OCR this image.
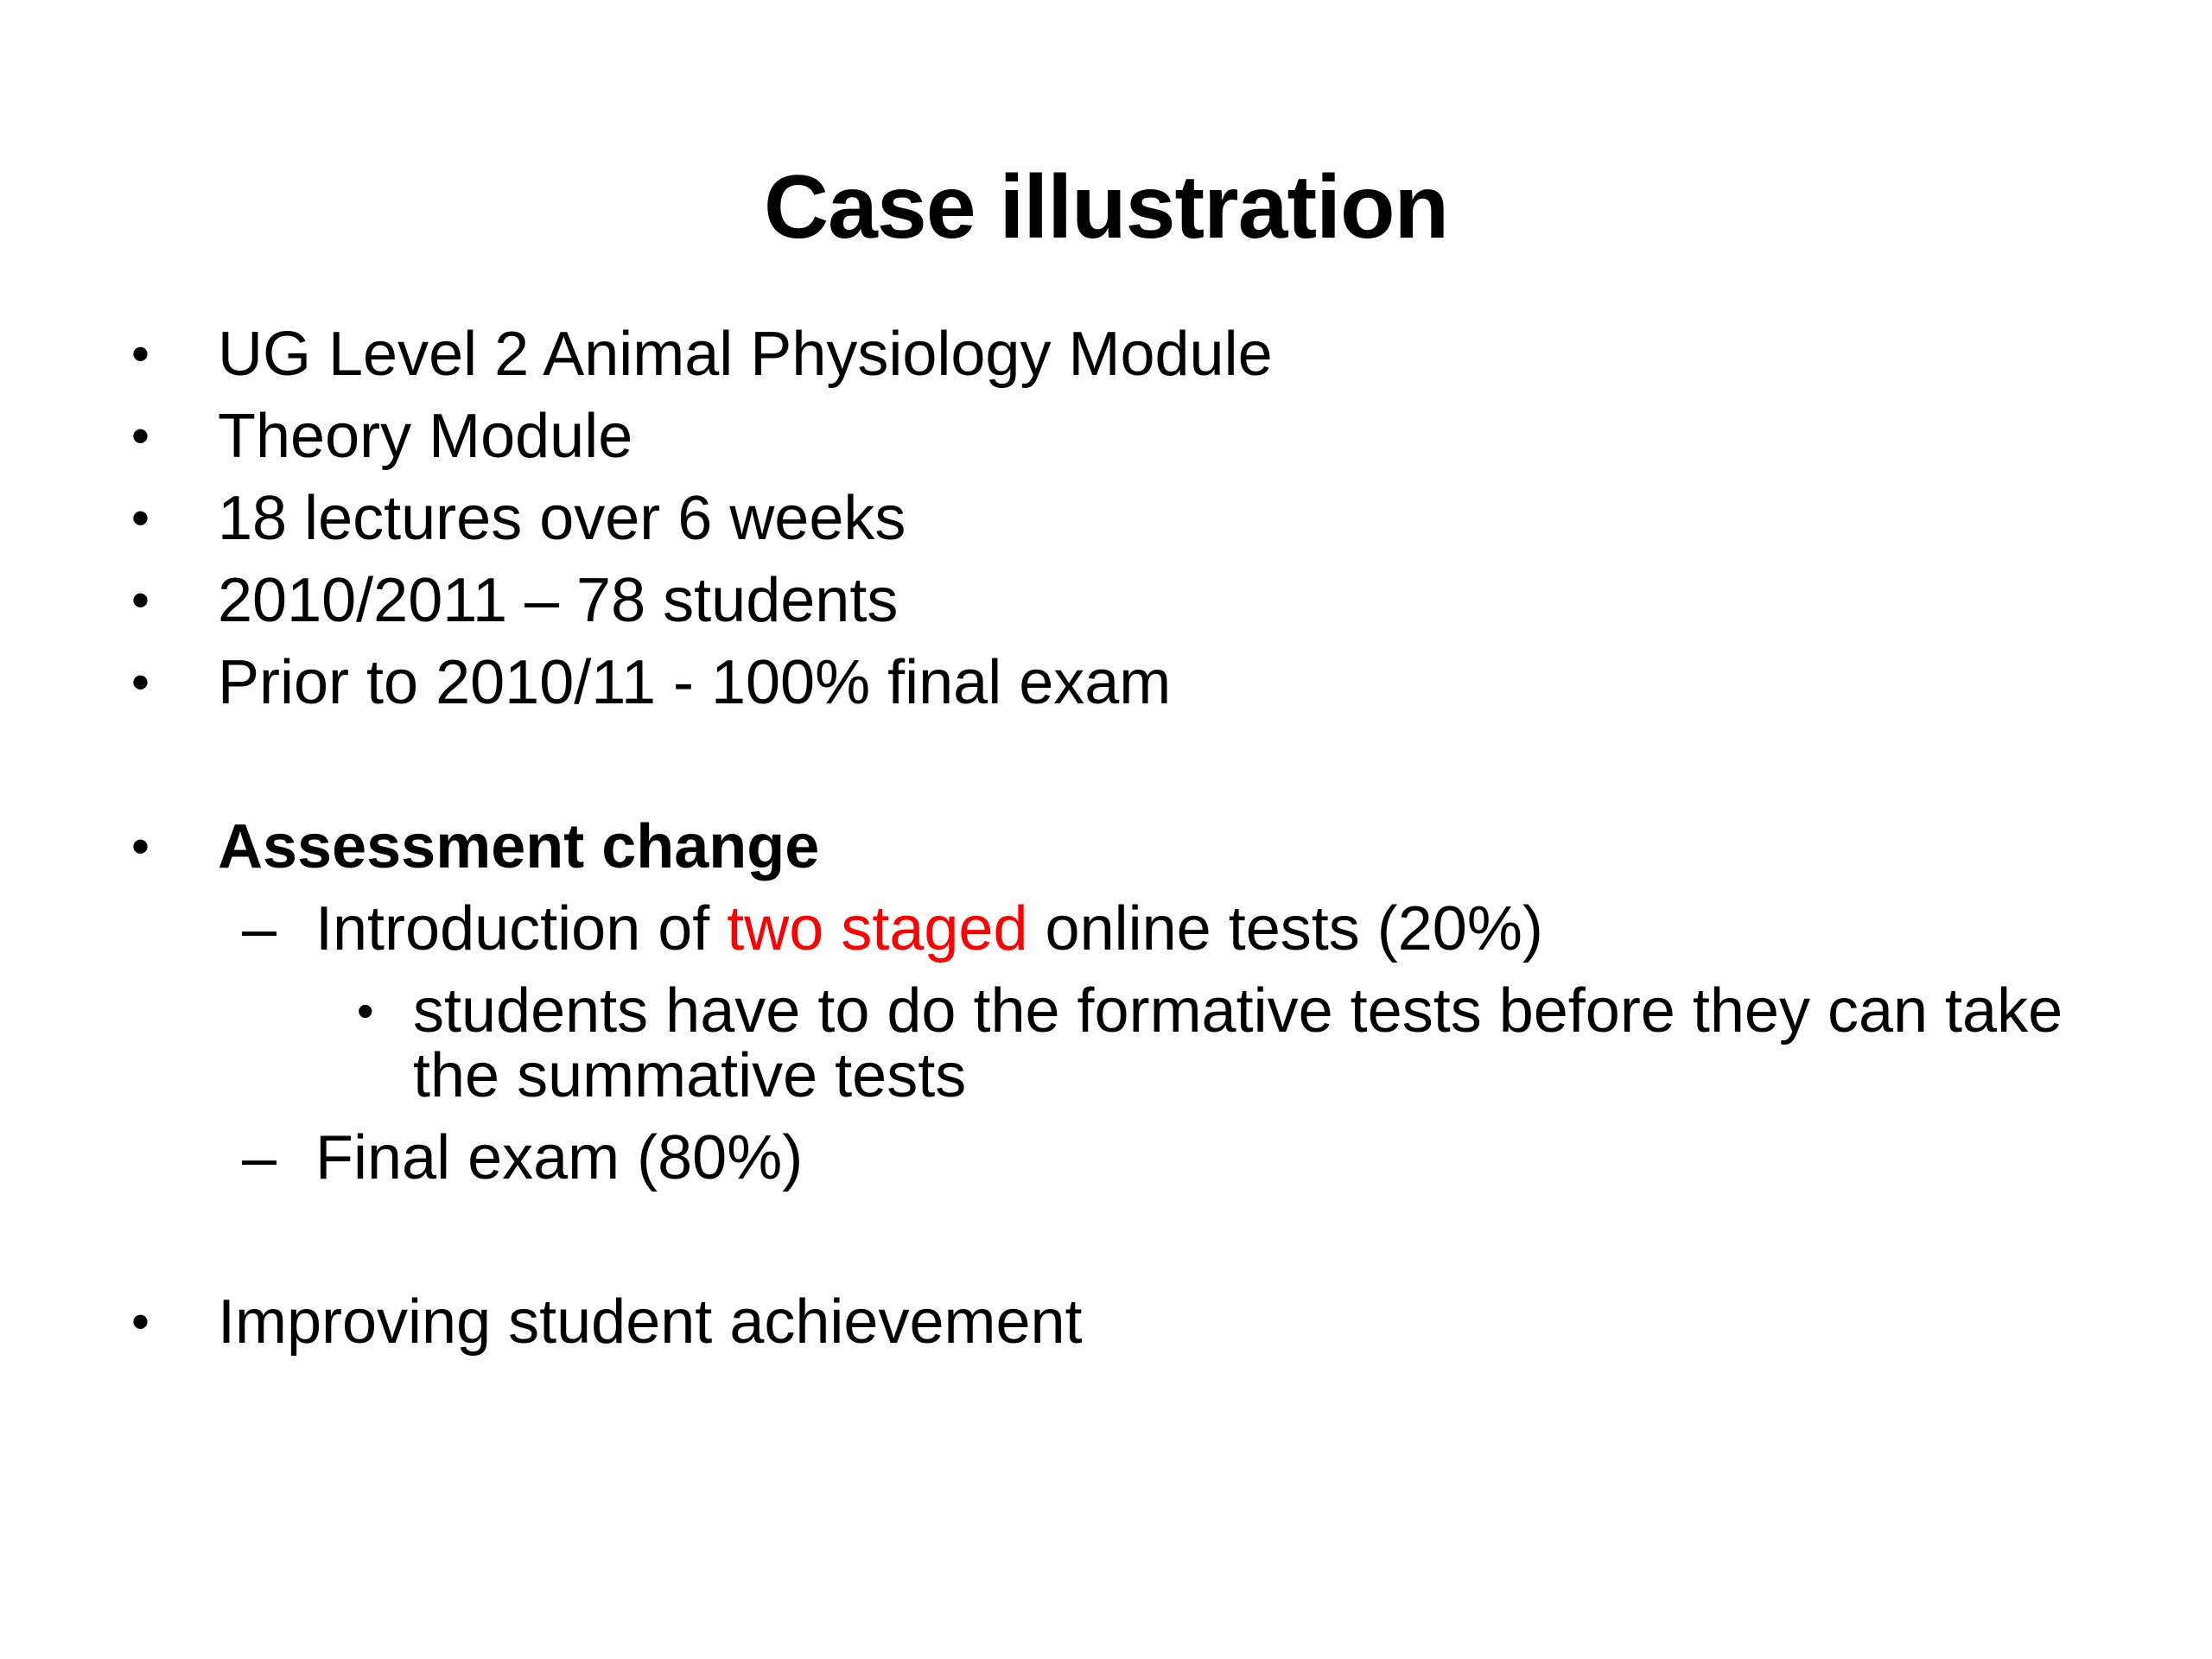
Case illustration
• UG Level 2 Animal Physiology Module
• Theory Module
• 18 lectures over 6 weeks
• 2010/2011 – 78 students
• Prior to 2010/11 - 100% final exam
• Assessment change
– Introduction of two staged online tests (20%)
• students have to do the formative tests before they can take
the summative tests
– Final exam (80%)
• Improving student achievement
